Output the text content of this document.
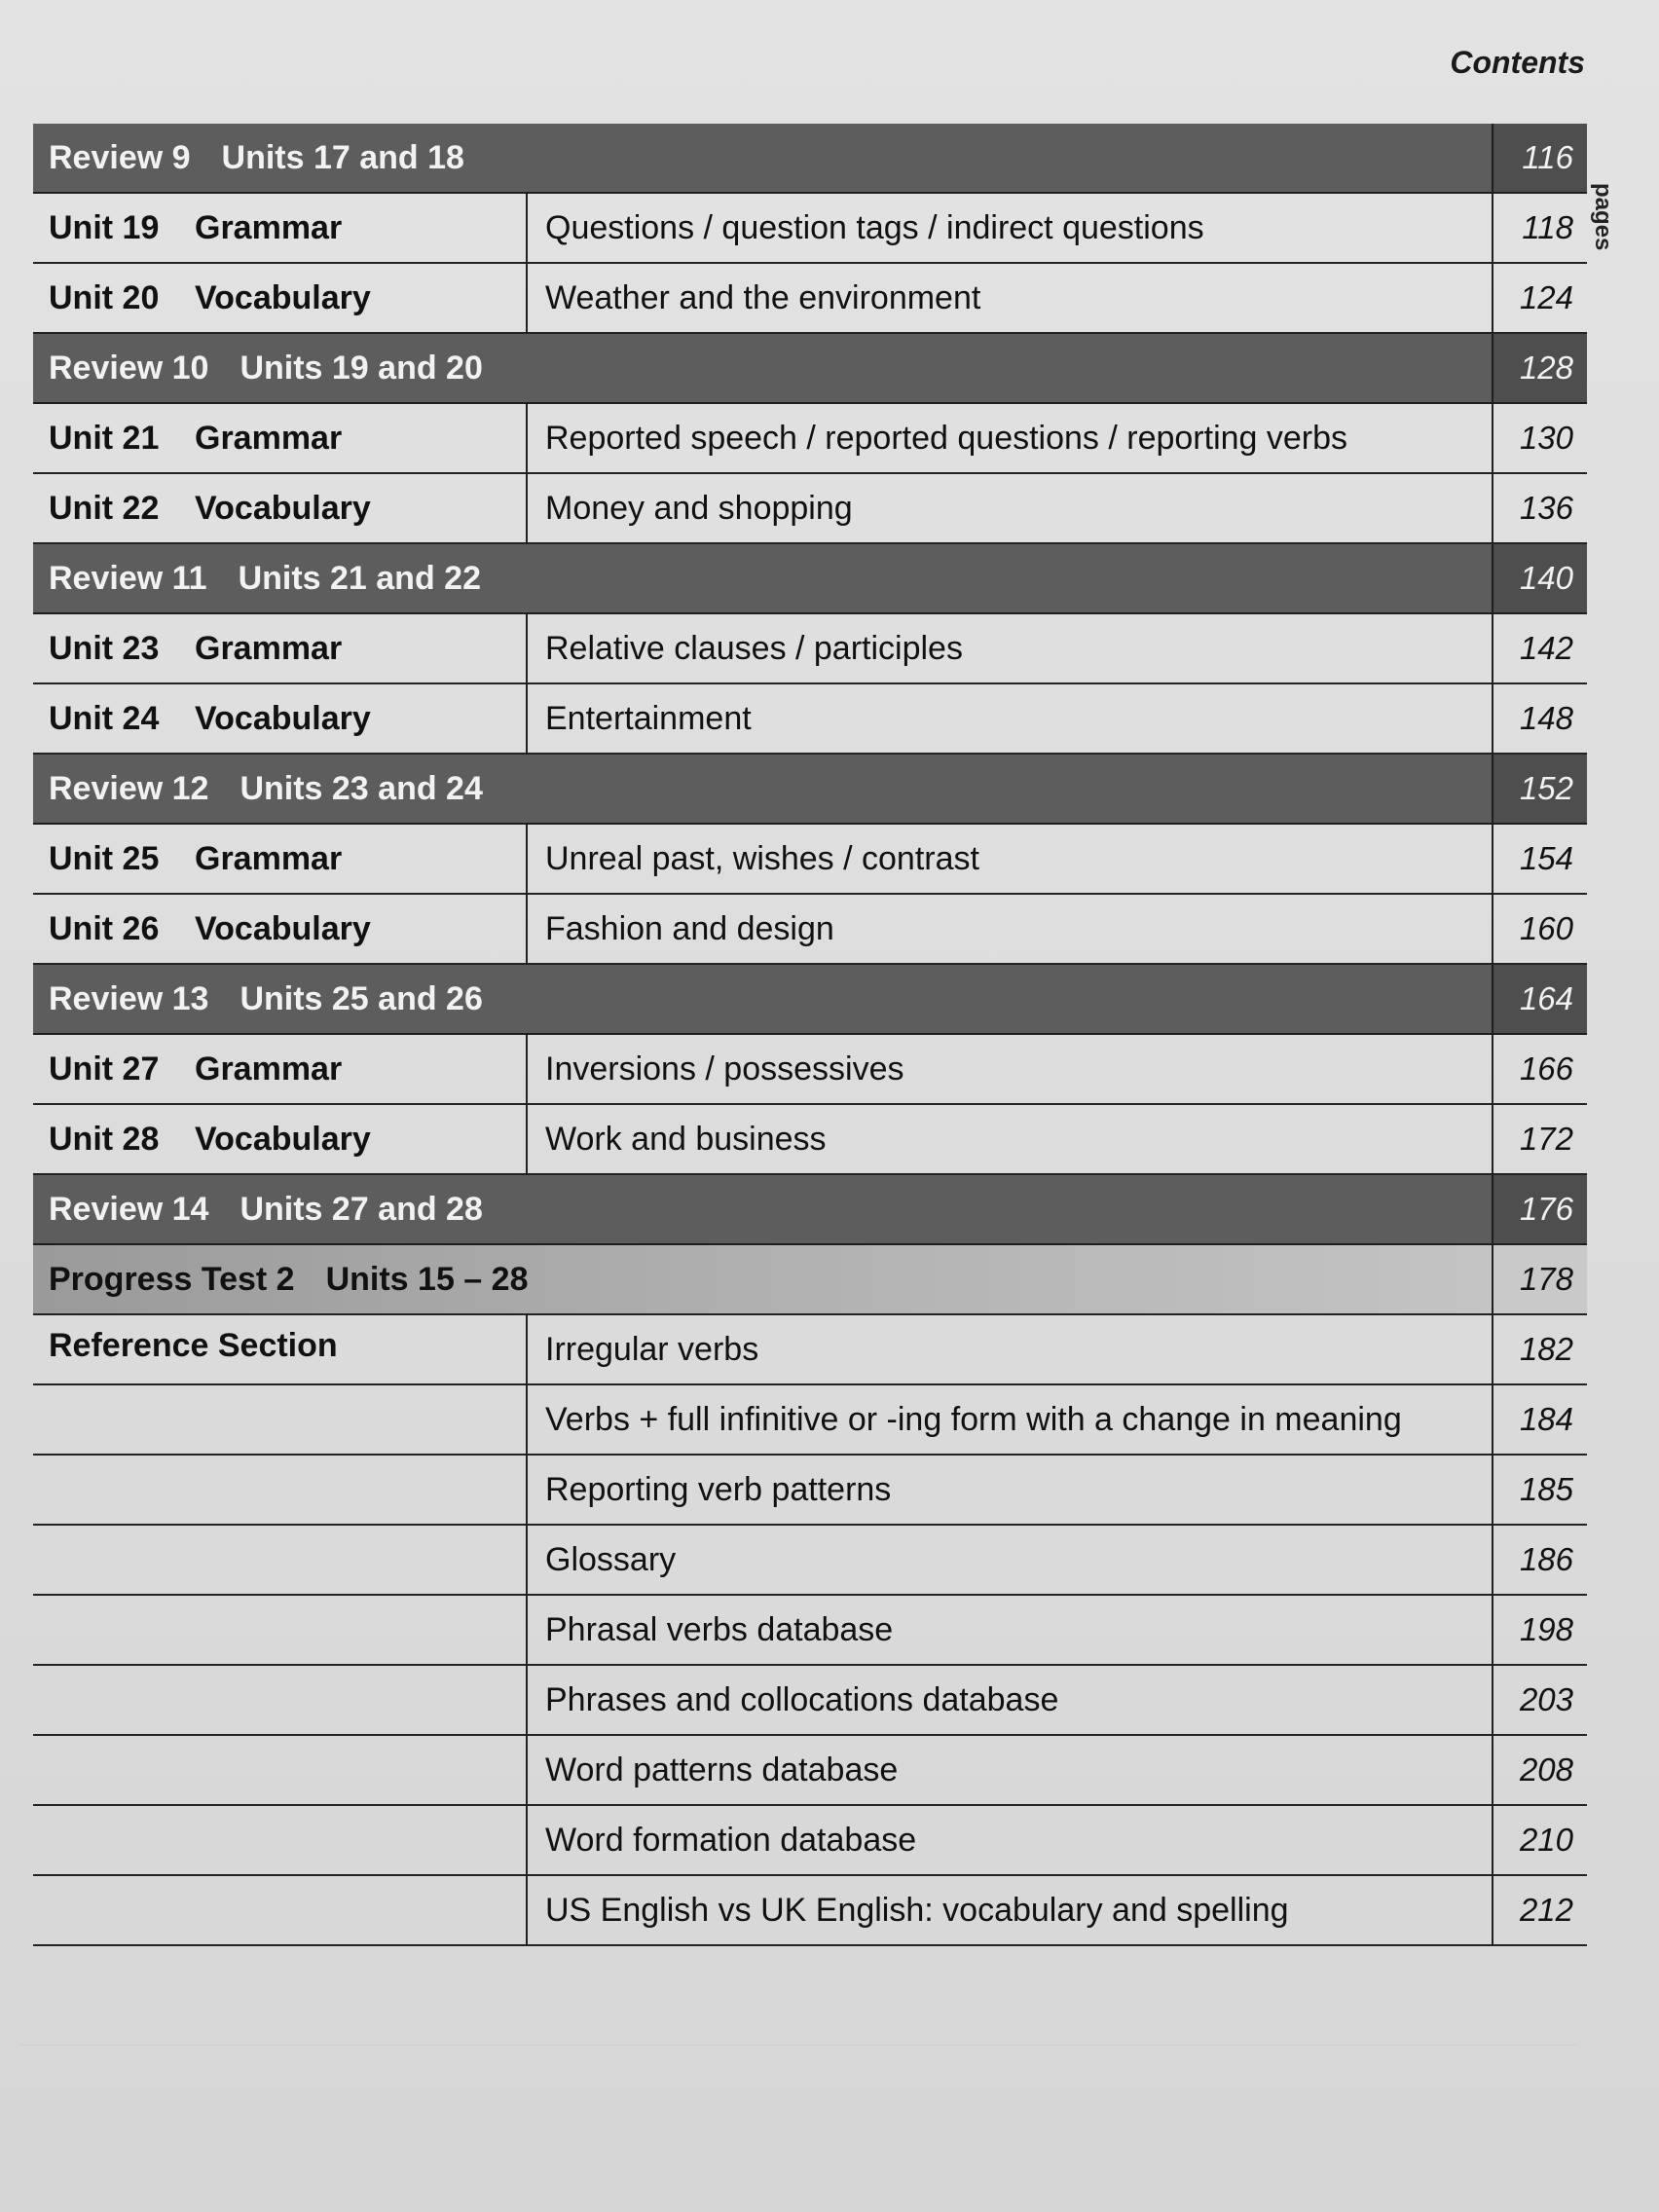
Contents
pages
Review 9 Units 17 and 18	116
Unit 19	Grammar	Questions / question tags / indirect questions	118
Unit 20	Vocabulary	Weather and the environment	124
Review 10 Units 19 and 20	128
Unit 21	Grammar	Reported speech / reported questions / reporting verbs	130
Unit 22	Vocabulary	Money and shopping	136
Review 11 Units 21 and 22	140
Unit 23	Grammar	Relative clauses / participles	142
Unit 24	Vocabulary	Entertainment	148
Review 12 Units 23 and 24	152
Unit 25	Grammar	Unreal past, wishes / contrast	154
Unit 26	Vocabulary	Fashion and design	160
Review 13 Units 25 and 26	164
Unit 27	Grammar	Inversions / possessives	166
Unit 28	Vocabulary	Work and business	172
Review 14 Units 27 and 28	176
Progress Test 2 Units 15 – 28	178
Reference Section	Irregular verbs	182
Verbs + full infinitive or -ing form with a change in meaning	184
Reporting verb patterns	185
Glossary	186
Phrasal verbs database	198
Phrases and collocations database	203
Word patterns database	208
Word formation database	210
US English vs UK English: vocabulary and spelling	212
